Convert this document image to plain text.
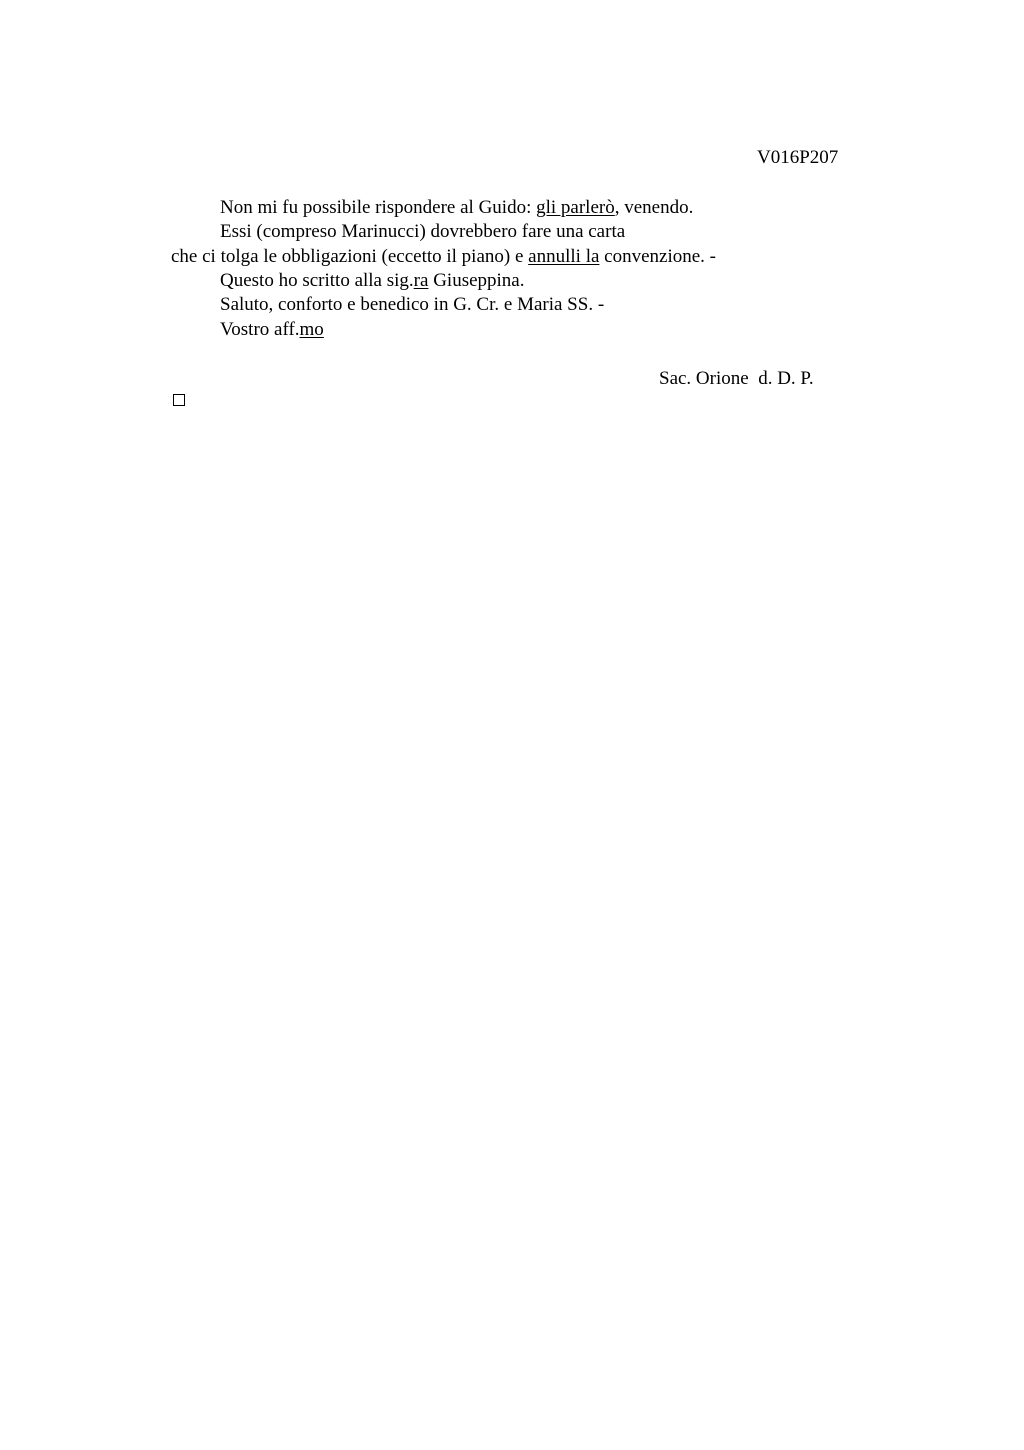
V016P207
Non mi fu possibile rispondere al Guido: gli parlerò, venendo.
Essi (compreso Marinucci) dovrebbero fare una carta
che ci tolga le obbligazioni (eccetto il piano) e annulli la convenzione. -
Questo ho scritto alla sig.ra Giuseppina.
Saluto, conforto e benedico in G. Cr. e Maria SS. -
Vostro aff.mo
Sac. Orione  d. D. P.
